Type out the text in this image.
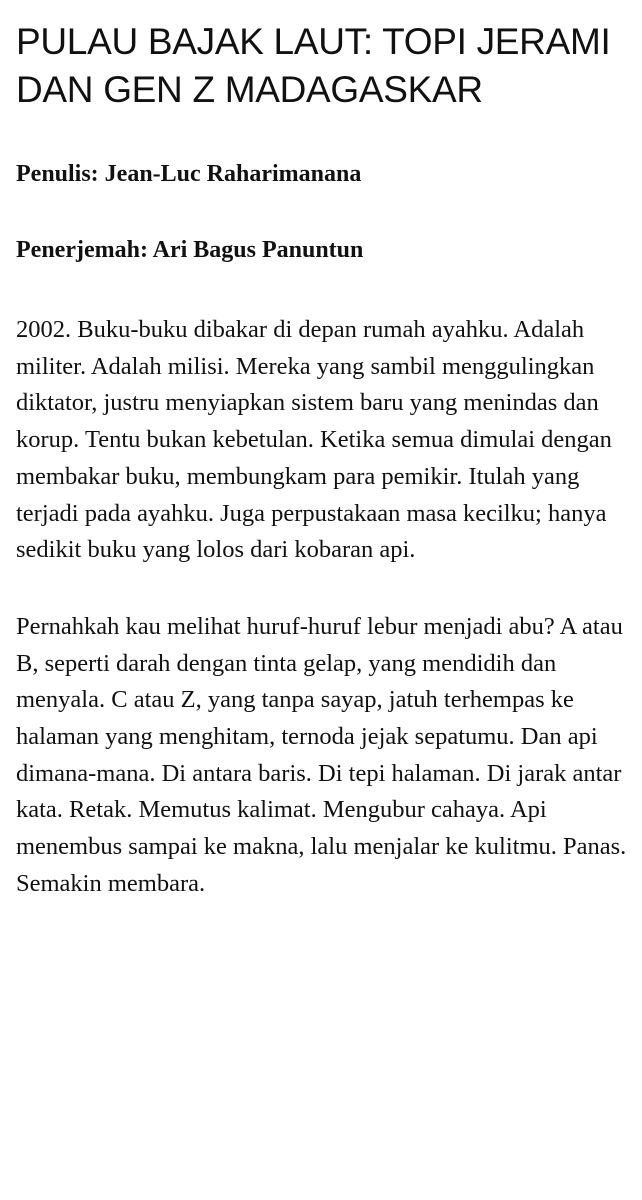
PULAU BAJAK LAUT: TOPI JERAMI DAN GEN Z MADAGASKAR

Penulis: Jean-Luc Raharimanana

Penerjemah: Ari Bagus Panuntun

2002. Buku-buku dibakar di depan rumah ayahku. Adalah militer. Adalah milisi. Mereka yang sambil menggulingkan diktator, justru menyiapkan sistem baru yang menindas dan korup. Tentu bukan kebetulan. Ketika semua dimulai dengan membakar buku, membungkam para pemikir. Itulah yang terjadi pada ayahku. Juga perpustakaan masa kecilku; hanya sedikit buku yang lolos dari kobaran api.

Pernahkah kau melihat huruf-huruf lebur menjadi abu? A atau B, seperti darah dengan tinta gelap, yang mendidih dan menyala. C atau Z, yang tanpa sayap, jatuh terhempas ke halaman yang menghitam, ternoda jejak sepatumu. Dan api dimana-mana. Di antara baris. Di tepi halaman. Di jarak antar kata. Retak. Memutus kalimat. Mengubur cahaya. Api menembus sampai ke makna, lalu menjalar ke kulitmu. Panas. Semakin membara.
